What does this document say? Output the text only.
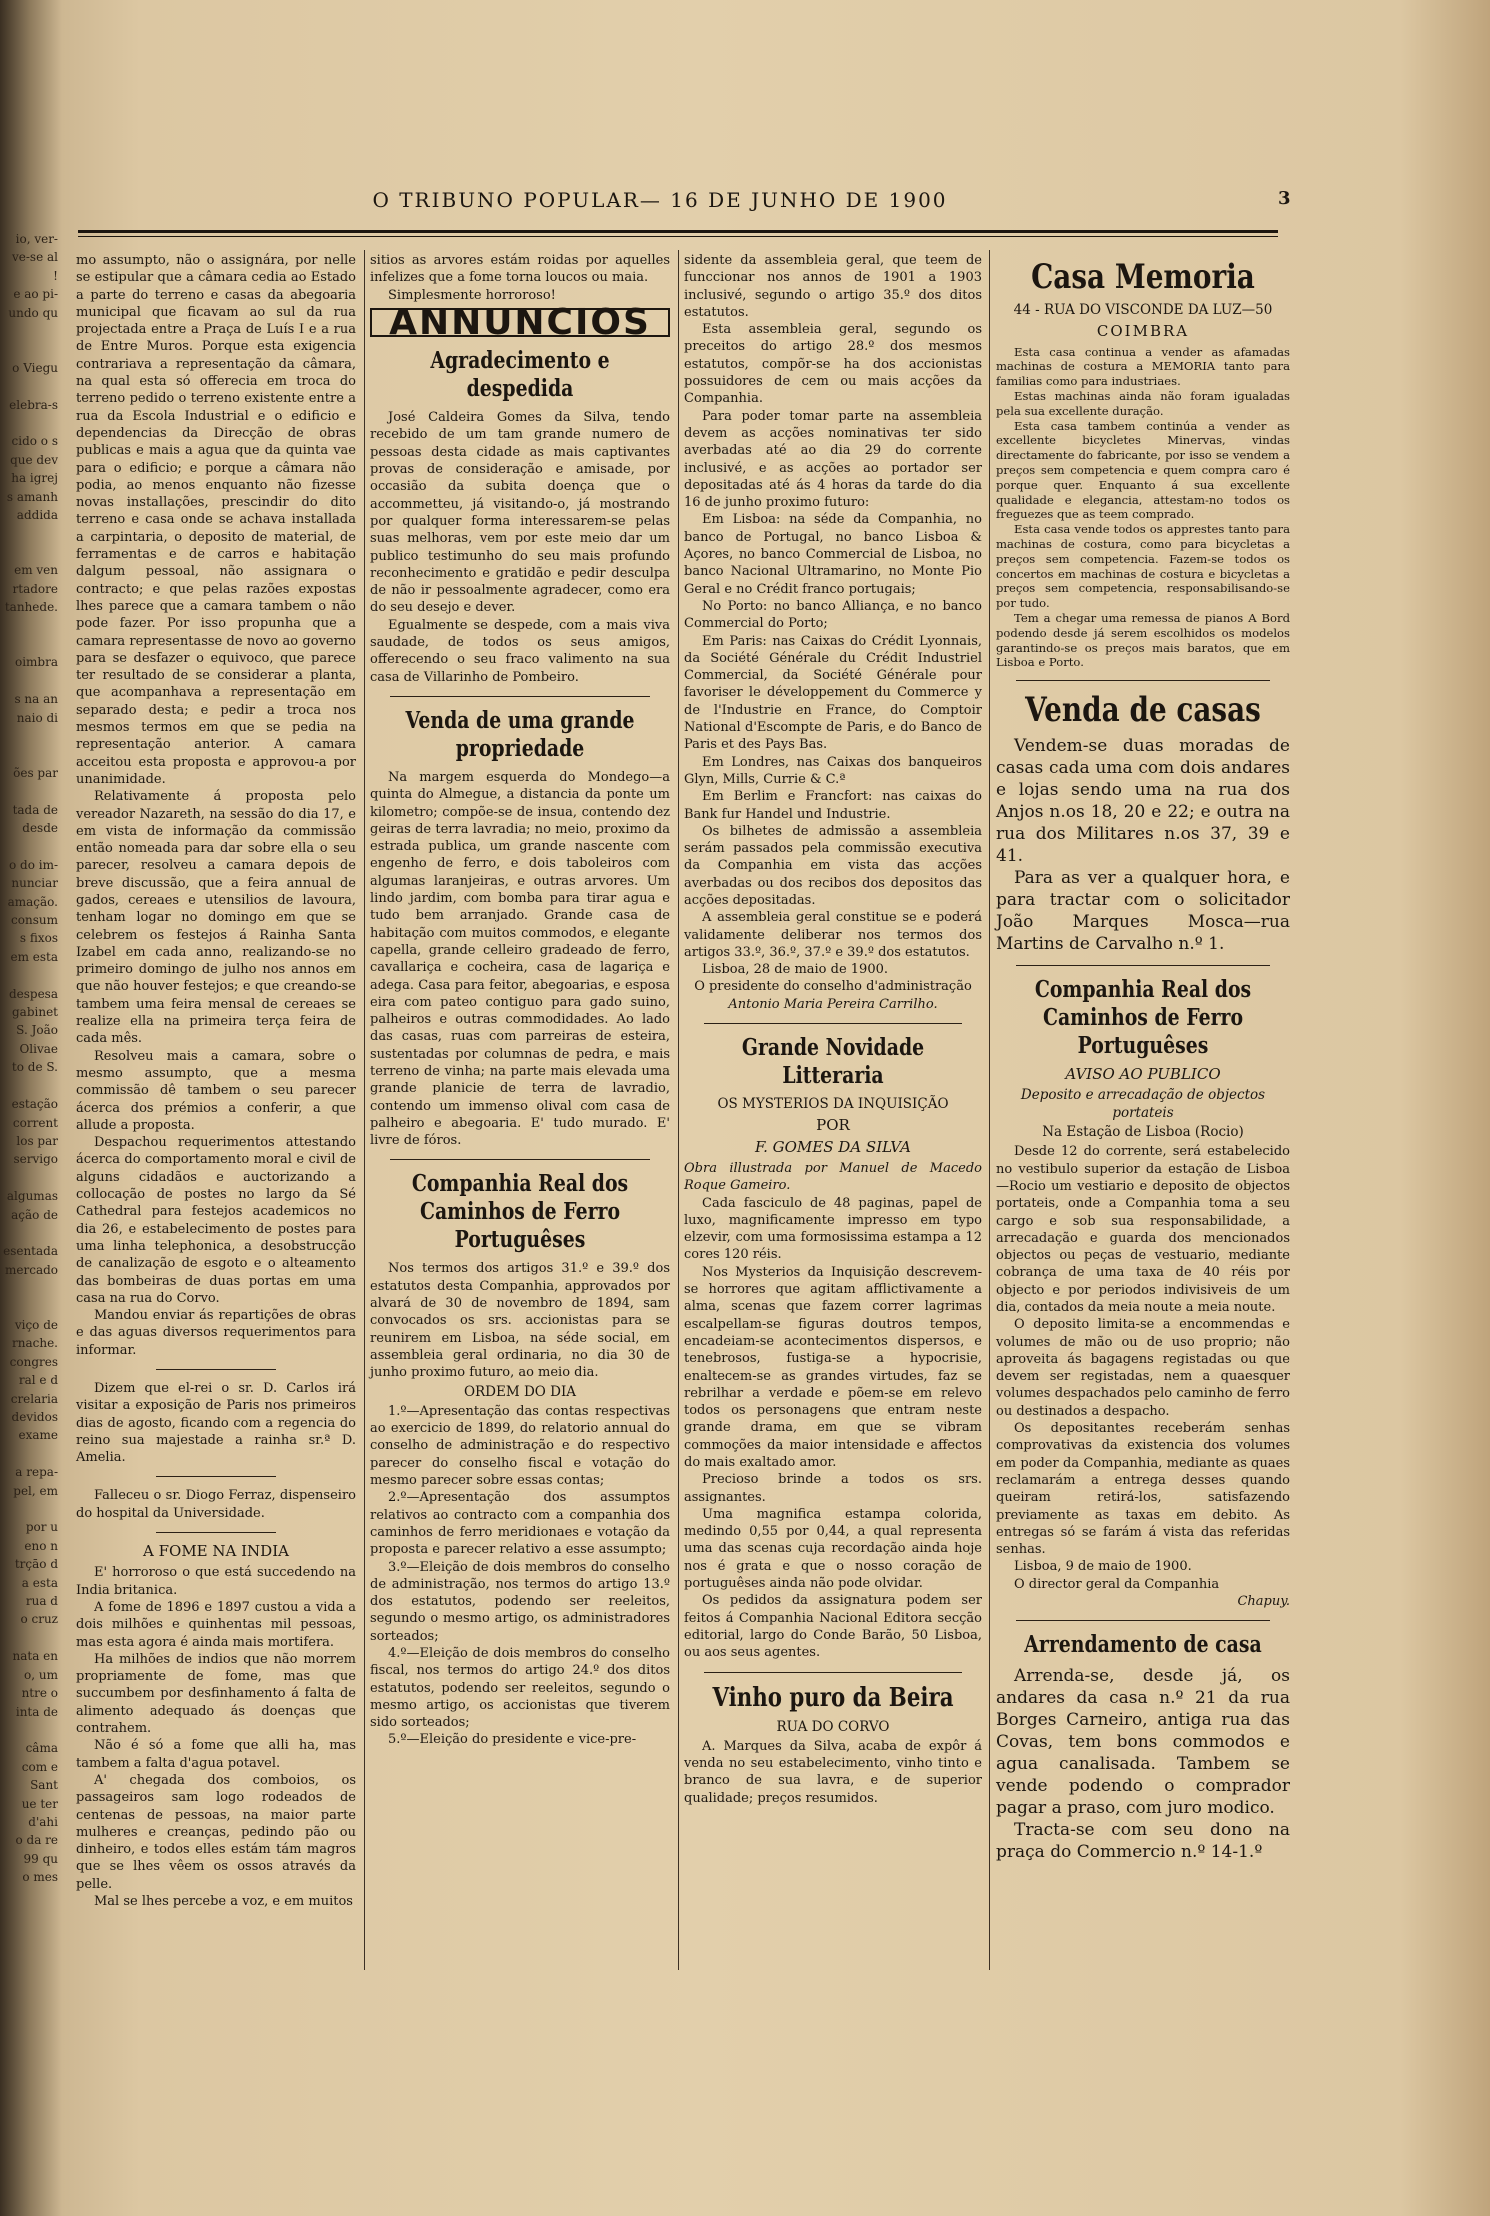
io, ver-
ve-se al
!
e ao pi-
undo qu

o Viegu

elebra-s

cido o s
que dev
ha igrej
s amanh
addida

em ven
rtadore
tanhede.

oimbra

s na an
naio di

ões par

tada de
desde

o do im-
nunciar
amação.
consum
s fixos
em esta

despesa
gabinet
S. João
Olivae
to de S.

estação
corrent
los par
servigo

algumas
ação de

esentada
mercado

viço de
rnache.
congres
ral e d
crelaria
devidos
exame

a repa-
pel, em

por u
eno n
trçāo d
a esta
rua d
o cruz

nata en
o, um
ntre o
inta de

câma
com e
Sant
ue ter
d'ahi
o da re
99 qu
o mes
O TRIBUNO POPULAR— 16 DE JUNHO DE 1900	3

mo assumpto, não o assignára, por nelle se estipular que a câmara cedia ao Estado a parte do terreno e casas da abegoaria municipal que ficavam ao sul da rua projectada entre a Praça de Luís I e a rua de Entre Muros. Porque esta exigencia contrariava a representação da câmara, na qual esta só offerecia em troca do terreno pedido o terreno existente entre a rua da Escola Industrial e o edificio e dependencias da Direcção de obras publicas e mais a agua que da quinta vae para o edificio; e porque a câmara não podia, ao menos enquanto não fizesse novas installações, prescindir do dito terreno e casa onde se achava installada a carpintaria, o deposito de material, de ferramentas e de carros e habitação dalgum pessoal, não assignara o contracto; e que pelas razões expostas lhes parece que a camara tambem o não pode fazer. Por isso propunha que a camara representasse de novo ao governo para se desfazer o equivoco, que parece ter resultado de se considerar a planta, que acompanhava a representação em separado desta; e pedir a troca nos mesmos termos em que se pedia na representação anterior. A camara acceitou esta proposta e approvou-a por unanimidade.

Relativamente á proposta pelo vereador Nazareth, na sessão do dia 17, e em vista de informação da commissão então nomeada para dar sobre ella o seu parecer, resolveu a camara depois de breve discussão, que a feira annual de gados, cereaes e utensilios de lavoura, tenham logar no domingo em que se celebrem os festejos á Rainha Santa Izabel em cada anno, realizando-se no primeiro domingo de julho nos annos em que não houver festejos; e que creando-se tambem uma feira mensal de cereaes se realize ella na primeira terça feira de cada mês.

Resolveu mais a camara, sobre o mesmo assumpto, que a mesma commissão dê tambem o seu parecer ácerca dos prémios a conferir, a que allude a proposta.

Despachou requerimentos attestando ácerca do comportamento moral e civil de alguns cidadãos e auctorizando a collocação de postes no largo da Sé Cathedral para festejos academicos no dia 26, e estabelecimento de postes para uma linha telephonica, a desobstrucção de canalização de esgoto e o alteamento das bombeiras de duas portas em uma casa na rua do Corvo.

Mandou enviar ás repartições de obras e das aguas diversos requerimentos para informar.

Dizem que el-rei o sr. D. Carlos irá visitar a exposição de Paris nos primeiros dias de agosto, ficando com a regencia do reino sua majestade a rainha sr.ª D. Amelia.

Falleceu o sr. Diogo Ferraz, dispenseiro do hospital da Universidade.

A FOME NA INDIA

E' horroroso o que está succedendo na India britanica.

A fome de 1896 e 1897 custou a vida a dois milhões e quinhentas mil pessoas, mas esta agora é ainda mais mortifera.

Ha milhões de indios que não morrem propriamente de fome, mas que succumbem por desfinhamento á falta de alimento adequado ás doenças que contrahem.

Não é só a fome que alli ha, mas tambem a falta d'agua potavel.

A' chegada dos comboios, os passageiros sam logo rodeados de centenas de pessoas, na maior parte mulheres e creanças, pedindo pão ou dinheiro, e todos elles estám tám magros que se lhes vêem os ossos através da pelle.

Mal se lhes percebe a voz, e em muitos

sitios as arvores estám roidas por aquelles infelizes que a fome torna loucos ou maia.

Simplesmente horroroso!

ANNUNCIOS
Agradecimento e despedida

José Caldeira Gomes da Silva, tendo recebido de um tam grande numero de pessoas desta cidade as mais captivantes provas de consideração e amisade, por occasião da subita doença que o accommetteu, já visitando-o, já mostrando por qualquer forma interessarem-se pelas suas melhoras, vem por este meio dar um publico testimunho do seu mais profundo reconhecimento e gratidão e pedir desculpa de não ir pessoalmente agradecer, como era do seu desejo e dever.

Egualmente se despede, com a mais viva saudade, de todos os seus amigos, offerecendo o seu fraco valimento na sua casa de Villarinho de Pombeiro.

Venda de uma grande propriedade

Na margem esquerda do Mondego—a quinta do Almegue, a distancia da ponte um kilometro; compõe-se de insua, contendo dez geiras de terra lavradia; no meio, proximo da estrada publica, um grande nascente com engenho de ferro, e dois taboleiros com algumas laranjeiras, e outras arvores. Um lindo jardim, com bomba para tirar agua e tudo bem arranjado. Grande casa de habitação com muitos commodos, e elegante capella, grande celleiro gradeado de ferro, cavallariça e cocheira, casa de lagariça e adega. Casa para feitor, abegoarias, e esposa eira com pateo contiguo para gado suino, palheiros e outras commodidades. Ao lado das casas, ruas com parreiras de esteira, sustentadas por columnas de pedra, e mais terreno de vinha; na parte mais elevada uma grande planicie de terra de lavradio, contendo um immenso olival com casa de palheiro e abegoaria. E' tudo murado. E' livre de fóros.

Companhia Real dos Caminhos de Ferro Portuguêses

Nos termos dos artigos 31.º e 39.º dos estatutos desta Companhia, approvados por alvará de 30 de novembro de 1894, sam convocados os srs. accionistas para se reunirem em Lisboa, na séde social, em assembleia geral ordinaria, no dia 30 de junho proximo futuro, ao meio dia.

ORDEM DO DIA

1.º—Apresentação das contas respectivas ao exercicio de 1899, do relatorio annual do conselho de administração e do respectivo parecer do conselho fiscal e votação do mesmo parecer sobre essas contas;

2.º—Apresentação dos assumptos relativos ao contracto com a companhia dos caminhos de ferro meridionaes e votação da proposta e parecer relativo a esse assumpto;

3.º—Eleição de dois membros do conselho de administração, nos termos do artigo 13.º dos estatutos, podendo ser reeleitos, segundo o mesmo artigo, os administradores sorteados;

4.º—Eleição de dois membros do conselho fiscal, nos termos do artigo 24.º dos ditos estatutos, podendo ser reeleitos, segundo o mesmo artigo, os accionistas que tiverem sido sorteados;

5.º—Eleição do presidente e vice-pre-

sidente da assembleia geral, que teem de funccionar nos annos de 1901 a 1903 inclusivé, segundo o artigo 35.º dos ditos estatutos.

Esta assembleia geral, segundo os preceitos do artigo 28.º dos mesmos estatutos, compõr-se ha dos accionistas possuidores de cem ou mais acções da Companhia.

Para poder tomar parte na assembleia devem as acções nominativas ter sido averbadas até ao dia 29 do corrente inclusivé, e as acções ao portador ser depositadas até ás 4 horas da tarde do dia 16 de junho proximo futuro:

Em Lisboa: na séde da Companhia, no banco de Portugal, no banco Lisboa & Açores, no banco Commercial de Lisboa, no banco Nacional Ultramarino, no Monte Pio Geral e no Crédit franco portugais;

No Porto: no banco Alliança, e no banco Commercial do Porto;

Em Paris: nas Caixas do Crédit Lyonnais, da Société Générale du Crédit Industriel Commercial, da Société Générale pour favoriser le développement du Commerce y de l'Industrie en France, do Comptoir National d'Escompte de Paris, e do Banco de Paris et des Pays Bas.

Em Londres, nas Caixas dos banqueiros Glyn, Mills, Currie & C.ª

Em Berlim e Francfort: nas caixas do Bank fur Handel und Industrie.

Os bilhetes de admissão a assembleia serám passados pela commissão executiva da Companhia em vista das acções averbadas ou dos recibos dos depositos das acções depositadas.

A assembleia geral constitue se e poderá validamente deliberar nos termos dos artigos 33.º, 36.º, 37.º e 39.º dos estatutos.

Lisboa, 28 de maio de 1900.

O presidente do conselho d'administração

Antonio Maria Pereira Carrilho.

Grande Novidade Litteraria
OS MYSTERIOS DA INQUISIÇÃO
POR
F. GOMES DA SILVA

Obra illustrada por Manuel de Macedo Roque Gameiro.

Cada fasciculo de 48 paginas, papel de luxo, magnificamente impresso em typo elzevir, com uma formosissima estampa a 12 cores 120 réis.

Nos Mysterios da Inquisição descrevem-se horrores que agitam afflictivamente a alma, scenas que fazem correr lagrimas escalpellam-se figuras doutros tempos, encadeiam-se acontecimentos dispersos, e tenebrosos, fustiga-se a hypocrisie, enaltecem-se as grandes virtudes, faz se rebrilhar a verdade e põem-se em relevo todos os personagens que entram neste grande drama, em que se vibram commoções da maior intensidade e affectos do mais exaltado amor.

Precioso brinde a todos os srs. assignantes.

Uma magnifica estampa colorida, medindo 0,55 por 0,44, a qual representa uma das scenas cuja recordação ainda hoje nos é grata e que o nosso coração de portuguêses ainda não pode olvidar.

Os pedidos da assignatura podem ser feitos á Companhia Nacional Editora secção editorial, largo do Conde Barão, 50 Lisboa, ou aos seus agentes.

Vinho puro da Beira
RUA DO CORVO

A. Marques da Silva, acaba de expôr á venda no seu estabelecimento, vinho tinto e branco de sua lavra, e de superior qualidade; preços resumidos.

Casa Memoria
44 - RUA DO VISCONDE DA LUZ—50
COIMBRA

Esta casa continua a vender as afamadas machinas de costura a MEMORIA tanto para familias como para industriaes.

Estas machinas ainda não foram igualadas pela sua excellente duração.

Esta casa tambem continúa a vender as excellente bicycletes Minervas, vindas directamente do fabricante, por isso se vendem a preços sem competencia e quem compra caro é porque quer. Enquanto á sua excellente qualidade e elegancia, attestam-no todos os freguezes que as teem comprado.

Esta casa vende todos os apprestes tanto para machinas de costura, como para bicycletas a preços sem competencia. Fazem-se todos os concertos em machinas de costura e bicycletas a preços sem competencia, responsabilisando-se por tudo.

Tem a chegar uma remessa de pianos A Bord podendo desde já serem escolhidos os modelos garantindo-se os preços mais baratos, que em Lisboa e Porto.

Venda de casas

Vendem-se duas moradas de casas cada uma com dois andares e lojas sendo uma na rua dos Anjos n.os 18, 20 e 22; e outra na rua dos Militares n.os 37, 39 e 41.

Para as ver a qualquer hora, e para tractar com o solicitador João Marques Mosca—rua Martins de Carvalho n.º 1.

Companhia Real dos Caminhos de Ferro Portuguêses
AVISO AO PUBLICO
Deposito e arrecadação de objectos portateis
Na Estação de Lisboa (Rocio)

Desde 12 do corrente, será estabelecido no vestibulo superior da estação de Lisboa—Rocio um vestiario e deposito de objectos portateis, onde a Companhia toma a seu cargo e sob sua responsabilidade, a arrecadação e guarda dos mencionados objectos ou peças de vestuario, mediante cobrança de uma taxa de 40 réis por objecto e por periodos indivisiveis de um dia, contados da meia noute a meia noute.

O deposito limita-se a encommendas e volumes de mão ou de uso proprio; não aproveita ás bagagens registadas ou que devem ser registadas, nem a quaesquer volumes despachados pelo caminho de ferro ou destinados a despacho.

Os depositantes receberám senhas comprovativas da existencia dos volumes em poder da Companhia, mediante as quaes reclamarám a entrega desses quando queiram retirá-los, satisfazendo previamente as taxas em debito. As entregas só se farám á vista das referidas senhas.

Lisboa, 9 de maio de 1900.

O director geral da Companhia

Chapuy.

Arrendamento de casa

Arrenda-se, desde já, os andares da casa n.º 21 da rua Borges Carneiro, antiga rua das Covas, tem bons commodos e agua canalisada. Tambem se vende podendo o comprador pagar a praso, com juro modico.

Tracta-se com seu dono na praça do Commercio n.º 14-1.º
